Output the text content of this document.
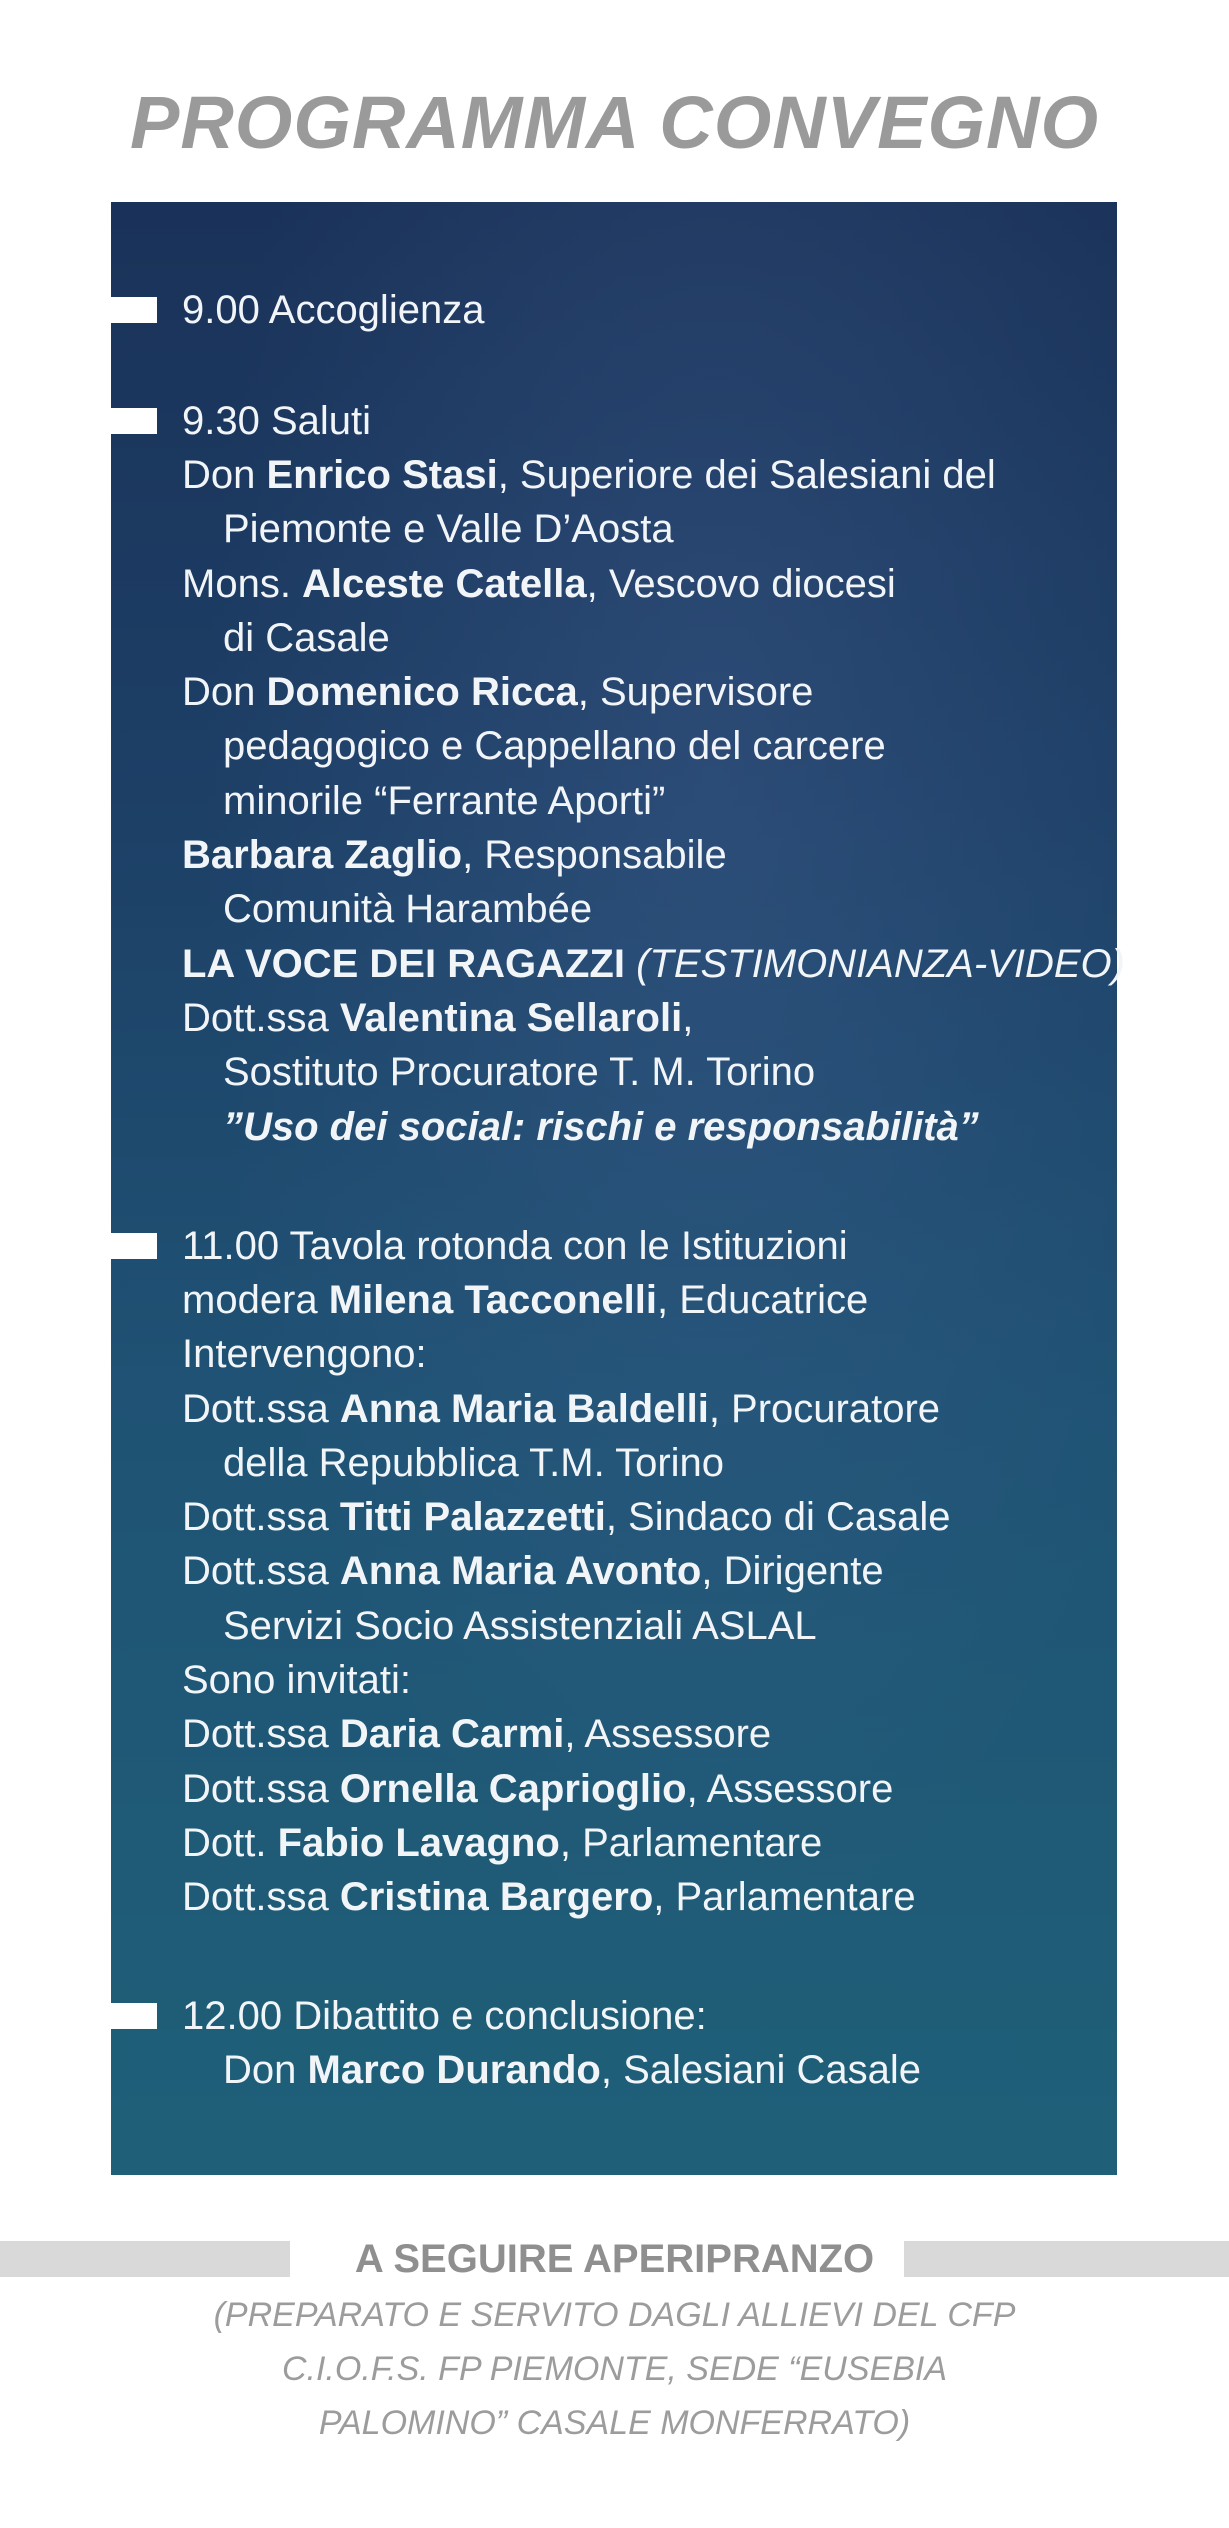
PROGRAMMA CONVEGNO
9.00 Accoglienza
9.30 Saluti
Don Enrico Stasi, Superiore dei Salesiani del
Piemonte e Valle D’Aosta
Mons. Alceste Catella, Vescovo diocesi
di Casale
Don Domenico Ricca, Supervisore
pedagogico e Cappellano del carcere
minorile “Ferrante Aporti”
Barbara Zaglio, Responsabile
Comunità Harambée
LA VOCE DEI RAGAZZI (TESTIMONIANZA-VIDEO)
Dott.ssa Valentina Sellaroli,
Sostituto Procuratore T. M. Torino
”Uso dei social: rischi e responsabilità”
11.00 Tavola rotonda con le Istituzioni
modera Milena Tacconelli, Educatrice
Intervengono:
Dott.ssa Anna Maria Baldelli, Procuratore
della Repubblica T.M. Torino
Dott.ssa Titti Palazzetti, Sindaco di Casale
Dott.ssa Anna Maria Avonto, Dirigente
Servizi Socio Assistenziali ASLAL
Sono invitati:
Dott.ssa Daria Carmi, Assessore
Dott.ssa Ornella Caprioglio, Assessore
Dott. Fabio Lavagno, Parlamentare
Dott.ssa Cristina Bargero, Parlamentare
12.00 Dibattito e conclusione:
Don Marco Durando, Salesiani Casale
A SEGUIRE APERIPRANZO
(PREPARATO E SERVITO DAGLI ALLIEVI DEL CFP
C.I.O.F.S. FP PIEMONTE, SEDE “EUSEBIA
PALOMINO” CASALE MONFERRATO)
